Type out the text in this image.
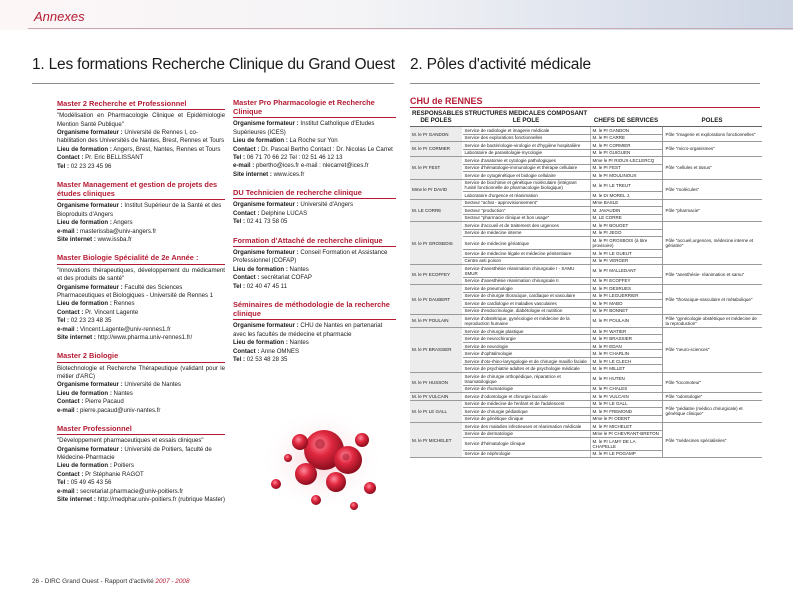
Annexes
1. Les formations Recherche Clinique du Grand Ouest 2. Pôles d'activité médicale
Master 2 Recherche et Professionnel

"Modélisation en Pharmacologie Clinique et Epidémiologie Mention Santé Publique"

Organisme formateur : Université de Rennes I, co-habilitation des Universités de Nantes, Brest, Rennes et Tours

Lieu de formation : Angers, Brest, Nantes, Rennes et Tours

Contact : Pr. Eric BELLISSANT

Tel : 02 23 23 45 96

Master Management et gestion de projets des études cliniques

Organisme formateur : Institut Supérieur de la Santé et des Bioproduits d'Angers

Lieu de formation : Angers

e-mail : masterissba@univ-angers.fr

Site internet : www.issba.fr

Master Biologie Spécialité de 2e Année :

"Innovations thérapeutiques, développement du médicament et des produits de santé"

Organisme formateur : Faculté des Sciences Pharmaceutiques et Biologiques - Université de Rennes 1

Lieu de formation : Rennes

Contact : Pr. Vincent Lagente

Tel : 02 23 23 48 35

e-mail : Vincent.Lagente@univ-rennes1.fr

Site internet : http://www.pharma.univ-rennes1.fr/

Master 2 Biologie

Biotechnologie et Recherche Thérapeutique (validant pour le métier d'ARC)

Organisme formateur : Université de Nantes

Lieu de formation : Nantes

Contact : Pierre Pacaud

e-mail : pierre.pacaud@univ-nantes.fr

Master Professionnel

"Développement pharmaceutiques et essais cliniques"

Organisme formateur : Université de Poitiers, faculté de Médecine-Pharmacie

Lieu de formation : Poitiers

Contact : Pr Stéphanie RAGOT

Tel : 05 49 45 43 56

e-mail : secretariat.pharmacie@univ-poitiers.fr

Site internet : http://medphar.univ-poitiers.fr (rubrique Master)

Master Pro Pharmacologie et Recherche Clinique

Organisme formateur : Institut Catholique d'Etudes Supérieures (ICES)

Lieu de formation : La Roche sur Yon

Contact : Dr. Pascal Bertho Contact : Dr. Nicolas Le Carret

Tel : 06 71 70 66 22 Tel : 02 51 46 12 13

e-mail : pbertho@ices.fr e-mail : nlecarret@ices.fr

Site internet : www.ices.fr

DU Technicien de recherche clinique

Organisme formateur : Université d'Angers

Contact : Delphine LUCAS

Tel : 02 41 73 58 05

Formation d'Attaché de recherche clinique

Organisme formateur : Conseil Formation et Assistance Professionnel (COFAP)

Lieu de formation : Nantes

Contact : secrétariat COFAP

Tel : 02 40 47 45 11

Séminaires de méthodologie de la recherche clinique

Organisme formateur : CHU de Nantes en partenariat avec les facultés de médecine et pharmacie

Lieu de formation : Nantes

Contact : Anne OMNES

Tel : 02 53 48 28 35

CHU de RENNES
RESPONSABLES DE POLES	STRUCTURES MEDICALES COMPOSANT LE POLE	CHEFS DE SERVICES	POLES
M. le Pr GANDON	Service de radiologie et imagerie médicale	M. le Pr GANDON	Pôle "imagerie et explorations fonctionnelles"
	Service des explorations fonctionnelles	M. le Pr CARRE	
M. le Pr CORMIER	Service de bactériologie-virologie et d'hygiène hospitalière	M. le Pr CORMIER	Pôle "micro-organismes"
	Laboratoire de parasitologie-mycologie	M. le Pr GUIGUEN	
M. le Pr FEST	Service d'anatomie et cytologie pathologiques	Mme le Pr RIOUX-LECLERCQ	Pôle "cellules et tissus"
	Service d'hématologie-immunologie et thérapie cellulaire	M. le Pr FEST	
	Service de cytogénétique et biologie cellulaire	M. le Pr MOULINOUX	
Mme le Pr DAVID	Service de biochimie et génétique moléculaire (intégrant l'unité fonctionnelle de pharmacologie biologique)	M. le Pr LE TREUT	Pôle "molécules"
	Laboratoire d'urgence et réanimation	M. le Dr MOREL J.	
M. LE CORRE	Secteur "achat - approvisionnement"	Mme BASLE	Pôle "pharmacie"
	Secteur "production"	M. JAVAUDIN	
	Secteur "pharmacie clinique et bon usage"	M. LE CORRE	
M. le Pr GROSBOIS	Service d'accueil et de traitement des urgences	M. le Pr BOUGET	Pôle "accueil,urgences, médecine interne et gériatrie"
	Service de médecine interne	M. le Pr JEGO	
	Service de médecine gériatrique	M. le Pr GROSBOIS (à titre provisoire)	
	Service de médecine légale et médecine pénitentiaire	M. le Pr LE GUEUT	
	Centre anti poison	M. le Pr VERGER	
M. le Pr ECOFFEY	Service d'anesthésie réanimation chirurgicale I - SAMU SMUR	M. le Pr MALLEDANT	Pôle "anesthésie- réanimation et samu"
	Service d'anesthésie réanimation chirurgicale II	M. le Pr ECOFFEY	
M. le Pr DAUBERT	Service de pneumologie	M. le Pr DESRUES	Pôle "thoracique-vasculaire et métabolique"
	Service de chirurgie thoracique, cardiaque et vasculaire	M. le Pr LEGUERRIER	
	Service de cardiologie et maladies vasculaires	M. le Pr MABO	
	Service d'endocrinologie, diabétologie et nutrition	M. le Pr BONNET	
M. le Pr POULAIN	Service d'obstétrique, gynécologie et médecine de la reproduction humaine	M. le Pr POULAIN	Pôle "gynécologie obstétrique et médecine de la reproduction"
M. le Pr BRASSIER	Service de chirurgie plastique	M. le Pr WATIER	Pôle "neuro-sciences"
	Service de neurochirurgie	M. le Pr BRASSIER	
	Service de neurologie	M. le Pr EDAN	
	Service d'ophtalmologie	M. le Pr CHARLIN	
	Service d'oto-rhino-laryngologie et de chirurgie maxillo faciale	M. le Pr LE CLECH	
	Service de psychiatrie adultes et de psychologie médicale	M. le Pr MILLET	
M. le Pr HUSSON	Service de chirurgie orthopédique, réparatrice et traumatologique	M. le Pr HUTEN	Pôle "locomoteur"
	Service de rhumatologie	M. le Pr CHALES	
M. le Pr VULCAIN	Service d'odontologie et chirurgie buccale	M. le Pr VULCAIN	Pôle "odontologie"
M. le Pr LE GALL	Service de médecine de l'enfant et de l'adolescent	M. le Pr LE GALL	Pôle "pédiatrie (médico chirurgicale) et génétique clinique"
	Service de chirurgie pédiatrique	M. le Pr FREMOND	
	Service de génétique clinique	Mme le Pr ODENT	
M. le Pr MICHELET	Service des maladies infectieuses et réanimation médicale	M. le Pr MICHELET	Pôle "médecines spécialisées"
	Service de dermatologie	Mme le Pr CHEVRANT-BRETON	
	Service d'hématologie clinique	M. le Pr LAMY DE LA CHAPELLE	
	Service de néphrologie	M. le Pr LE POGAMP	
26 - DIRC Grand Ouest - Rapport d'activité 2007 - 2008
